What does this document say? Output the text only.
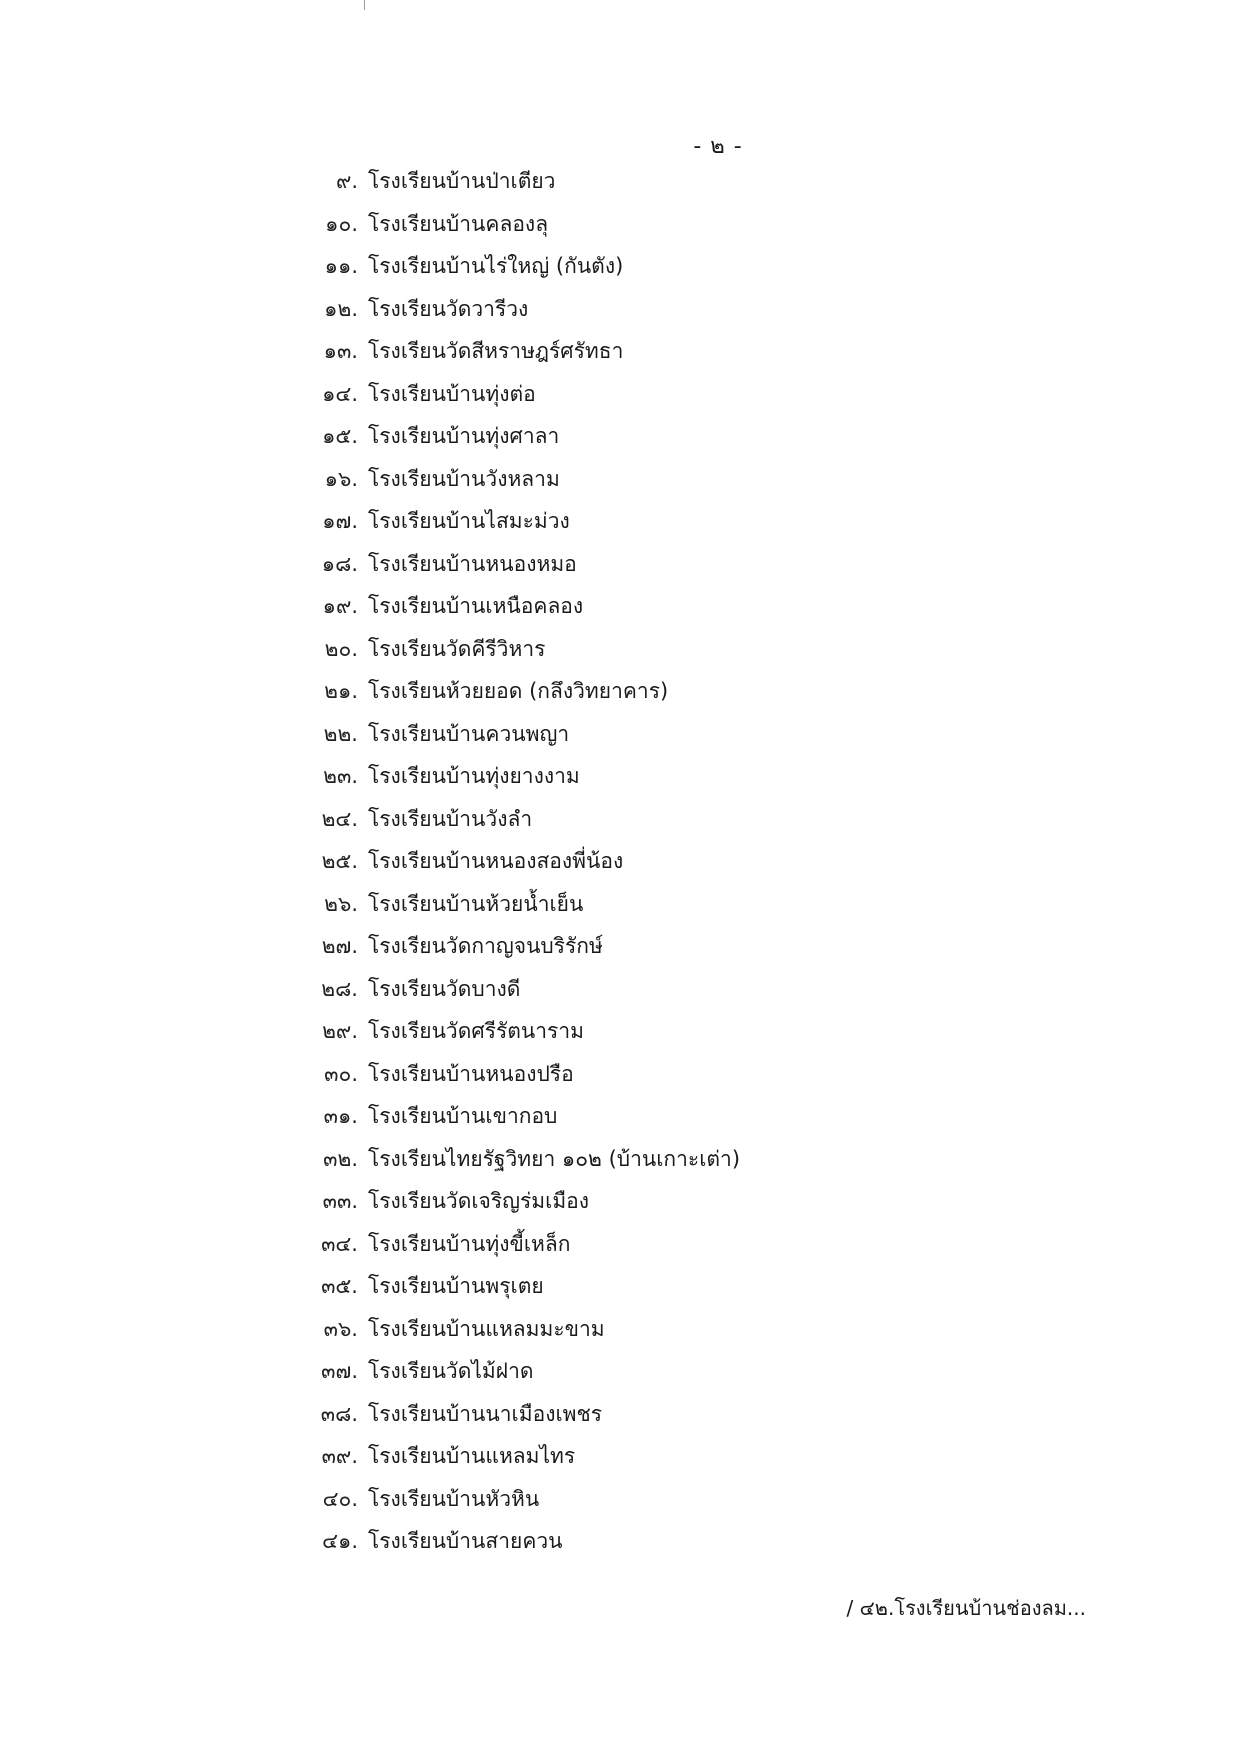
- ๒ -
๙. โรงเรียนบ้านป่าเตียว
๑๐. โรงเรียนบ้านคลองลุ
๑๑. โรงเรียนบ้านไร่ใหญ่ (กันตัง)
๑๒. โรงเรียนวัดวารีวง
๑๓. โรงเรียนวัดสีหราษฎร์ศรัทธา
๑๔. โรงเรียนบ้านทุ่งต่อ
๑๕. โรงเรียนบ้านทุ่งศาลา
๑๖. โรงเรียนบ้านวังหลาม
๑๗. โรงเรียนบ้านไสมะม่วง
๑๘. โรงเรียนบ้านหนองหมอ
๑๙. โรงเรียนบ้านเหนือคลอง
๒๐. โรงเรียนวัดคีรีวิหาร
๒๑. โรงเรียนห้วยยอด (กลึงวิทยาคาร)
๒๒. โรงเรียนบ้านควนพญา
๒๓. โรงเรียนบ้านทุ่งยางงาม
๒๔. โรงเรียนบ้านวังลำ
๒๕. โรงเรียนบ้านหนองสองพี่น้อง
๒๖. โรงเรียนบ้านห้วยน้ำเย็น
๒๗. โรงเรียนวัดกาญจนบริรักษ์
๒๘. โรงเรียนวัดบางดี
๒๙. โรงเรียนวัดศรีรัตนาราม
๓๐. โรงเรียนบ้านหนองปรือ
๓๑. โรงเรียนบ้านเขากอบ
๓๒. โรงเรียนไทยรัฐวิทยา ๑๐๒ (บ้านเกาะเต่า)
๓๓. โรงเรียนวัดเจริญร่มเมือง
๓๔. โรงเรียนบ้านทุ่งขี้เหล็ก
๓๕. โรงเรียนบ้านพรุเตย
๓๖. โรงเรียนบ้านแหลมมะขาม
๓๗. โรงเรียนวัดไม้ฝาด
๓๘. โรงเรียนบ้านนาเมืองเพชร
๓๙. โรงเรียนบ้านแหลมไทร
๔๐. โรงเรียนบ้านหัวหิน
๔๑. โรงเรียนบ้านสายควน
/ ๔๒.โรงเรียนบ้านช่องลม...
